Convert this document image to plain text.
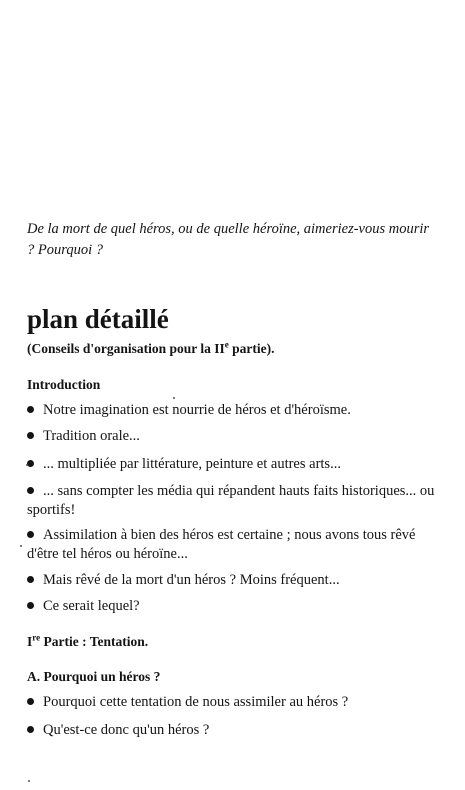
De la mort de quel héros, ou de quelle héroïne, aimeriez-vous mourir ? Pourquoi ?
plan détaillé
(Conseils d'organisation pour la IIe partie).
Introduction
Notre imagination est nourrie de héros et d'héroïsme.
Tradition orale...
... multipliée par littérature, peinture et autres arts...
... sans compter les média qui répandent hauts faits historiques... ou sportifs!
Assimilation à bien des héros est certaine ; nous avons tous rêvé d'être tel héros ou héroïne...
Mais rêvé de la mort d'un héros ? Moins fréquent...
Ce serait lequel?
Ire Partie : Tentation.
A. Pourquoi un héros ?
Pourquoi cette tentation de nous assimiler au héros ?
Qu'est-ce donc qu'un héros ?
